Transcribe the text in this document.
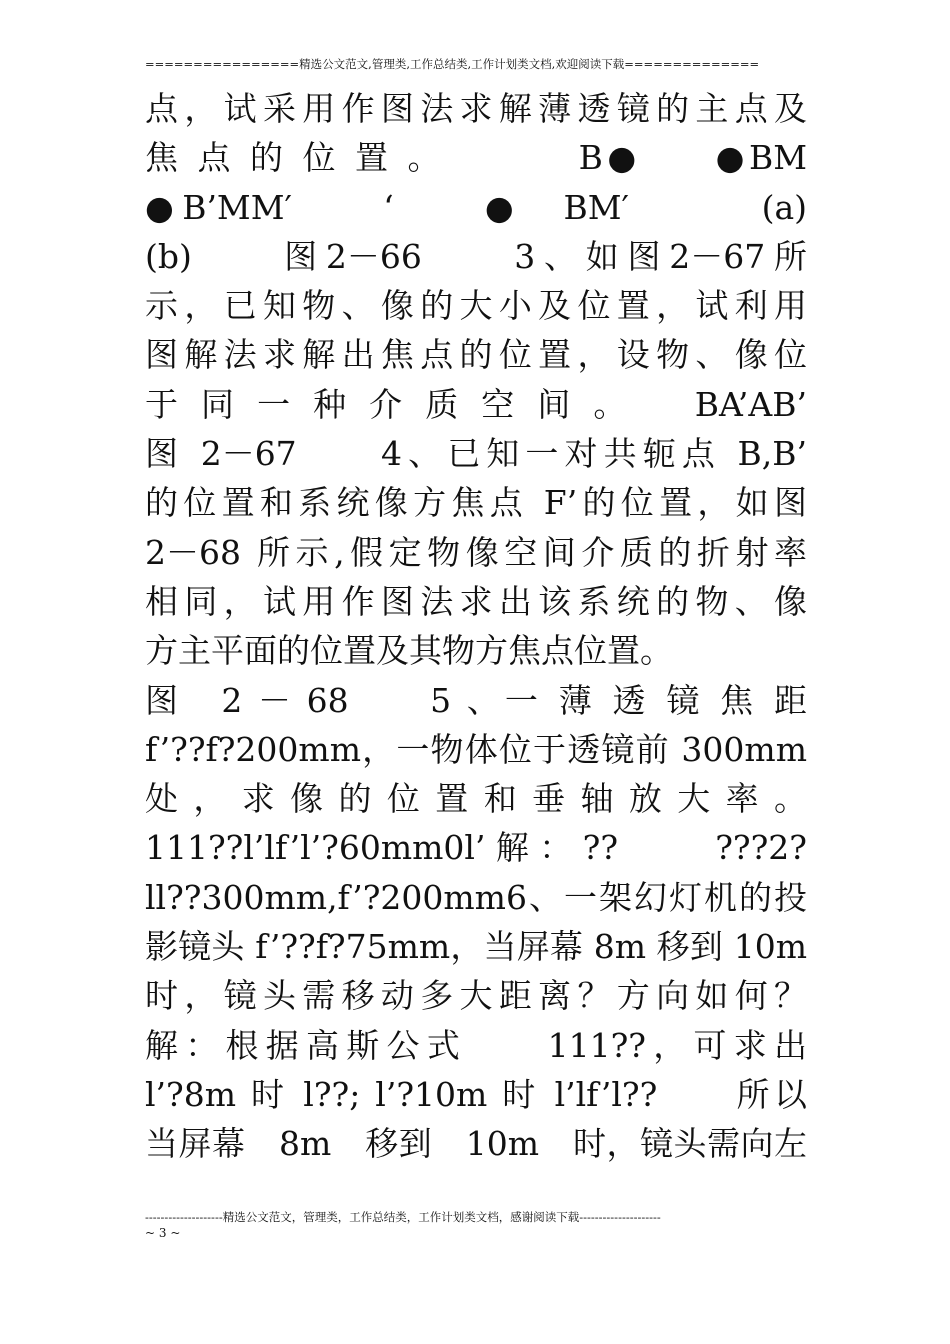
================精选公文范文,管理类,工作总结类,工作计划类文档,欢迎阅读下载==============
点，试采用作图法求解薄透镜的主点及
焦 点 的 位 置 。　　　　B●　　●BM
●B’MM′　　‘　　●　BM′　　　(a)
(b)　　图2－66　　3、如图2－67所
示，已知物、像的大小及位置，试利用
图解法求解出焦点的位置，设物、像位
于 同 一 种 介 质 空 间 。　　BA’AB’
图 2－67　　4、已知一对共轭点 B,B’
的位置和系统像方焦点 F’的位置，如图
2－68 所示,假定物像空间介质的折射率
相同，试用作图法求出该系统的物、像
方主平面的位置及其物方焦点位置。
图　2 － 68　　5 、一 薄 透 镜 焦 距
f’??f?200mm，一物体位于透镜前 300mm
处 ， 求 像 的 位 置 和 垂 轴 放 大 率 。
111??l’lf’l’?60mm0l’解：??　　???2?
ll??300mm,f’?200mm6、一架幻灯机的投
影镜头 f’??f?75mm，当屏幕 8m 移到 10m
时，镜头需移动多大距离？方向如何？
解：根据高斯公式　　111??，可求出
l’?8m 时 l??; l’?10m 时 l’lf’l??　　所以
当屏幕　8m　移到　10m　时，镜头需向左
--------------------精选公文范文，管理类，工作总结类，工作计划类文档，感谢阅读下载---------------------
~ 3 ~
